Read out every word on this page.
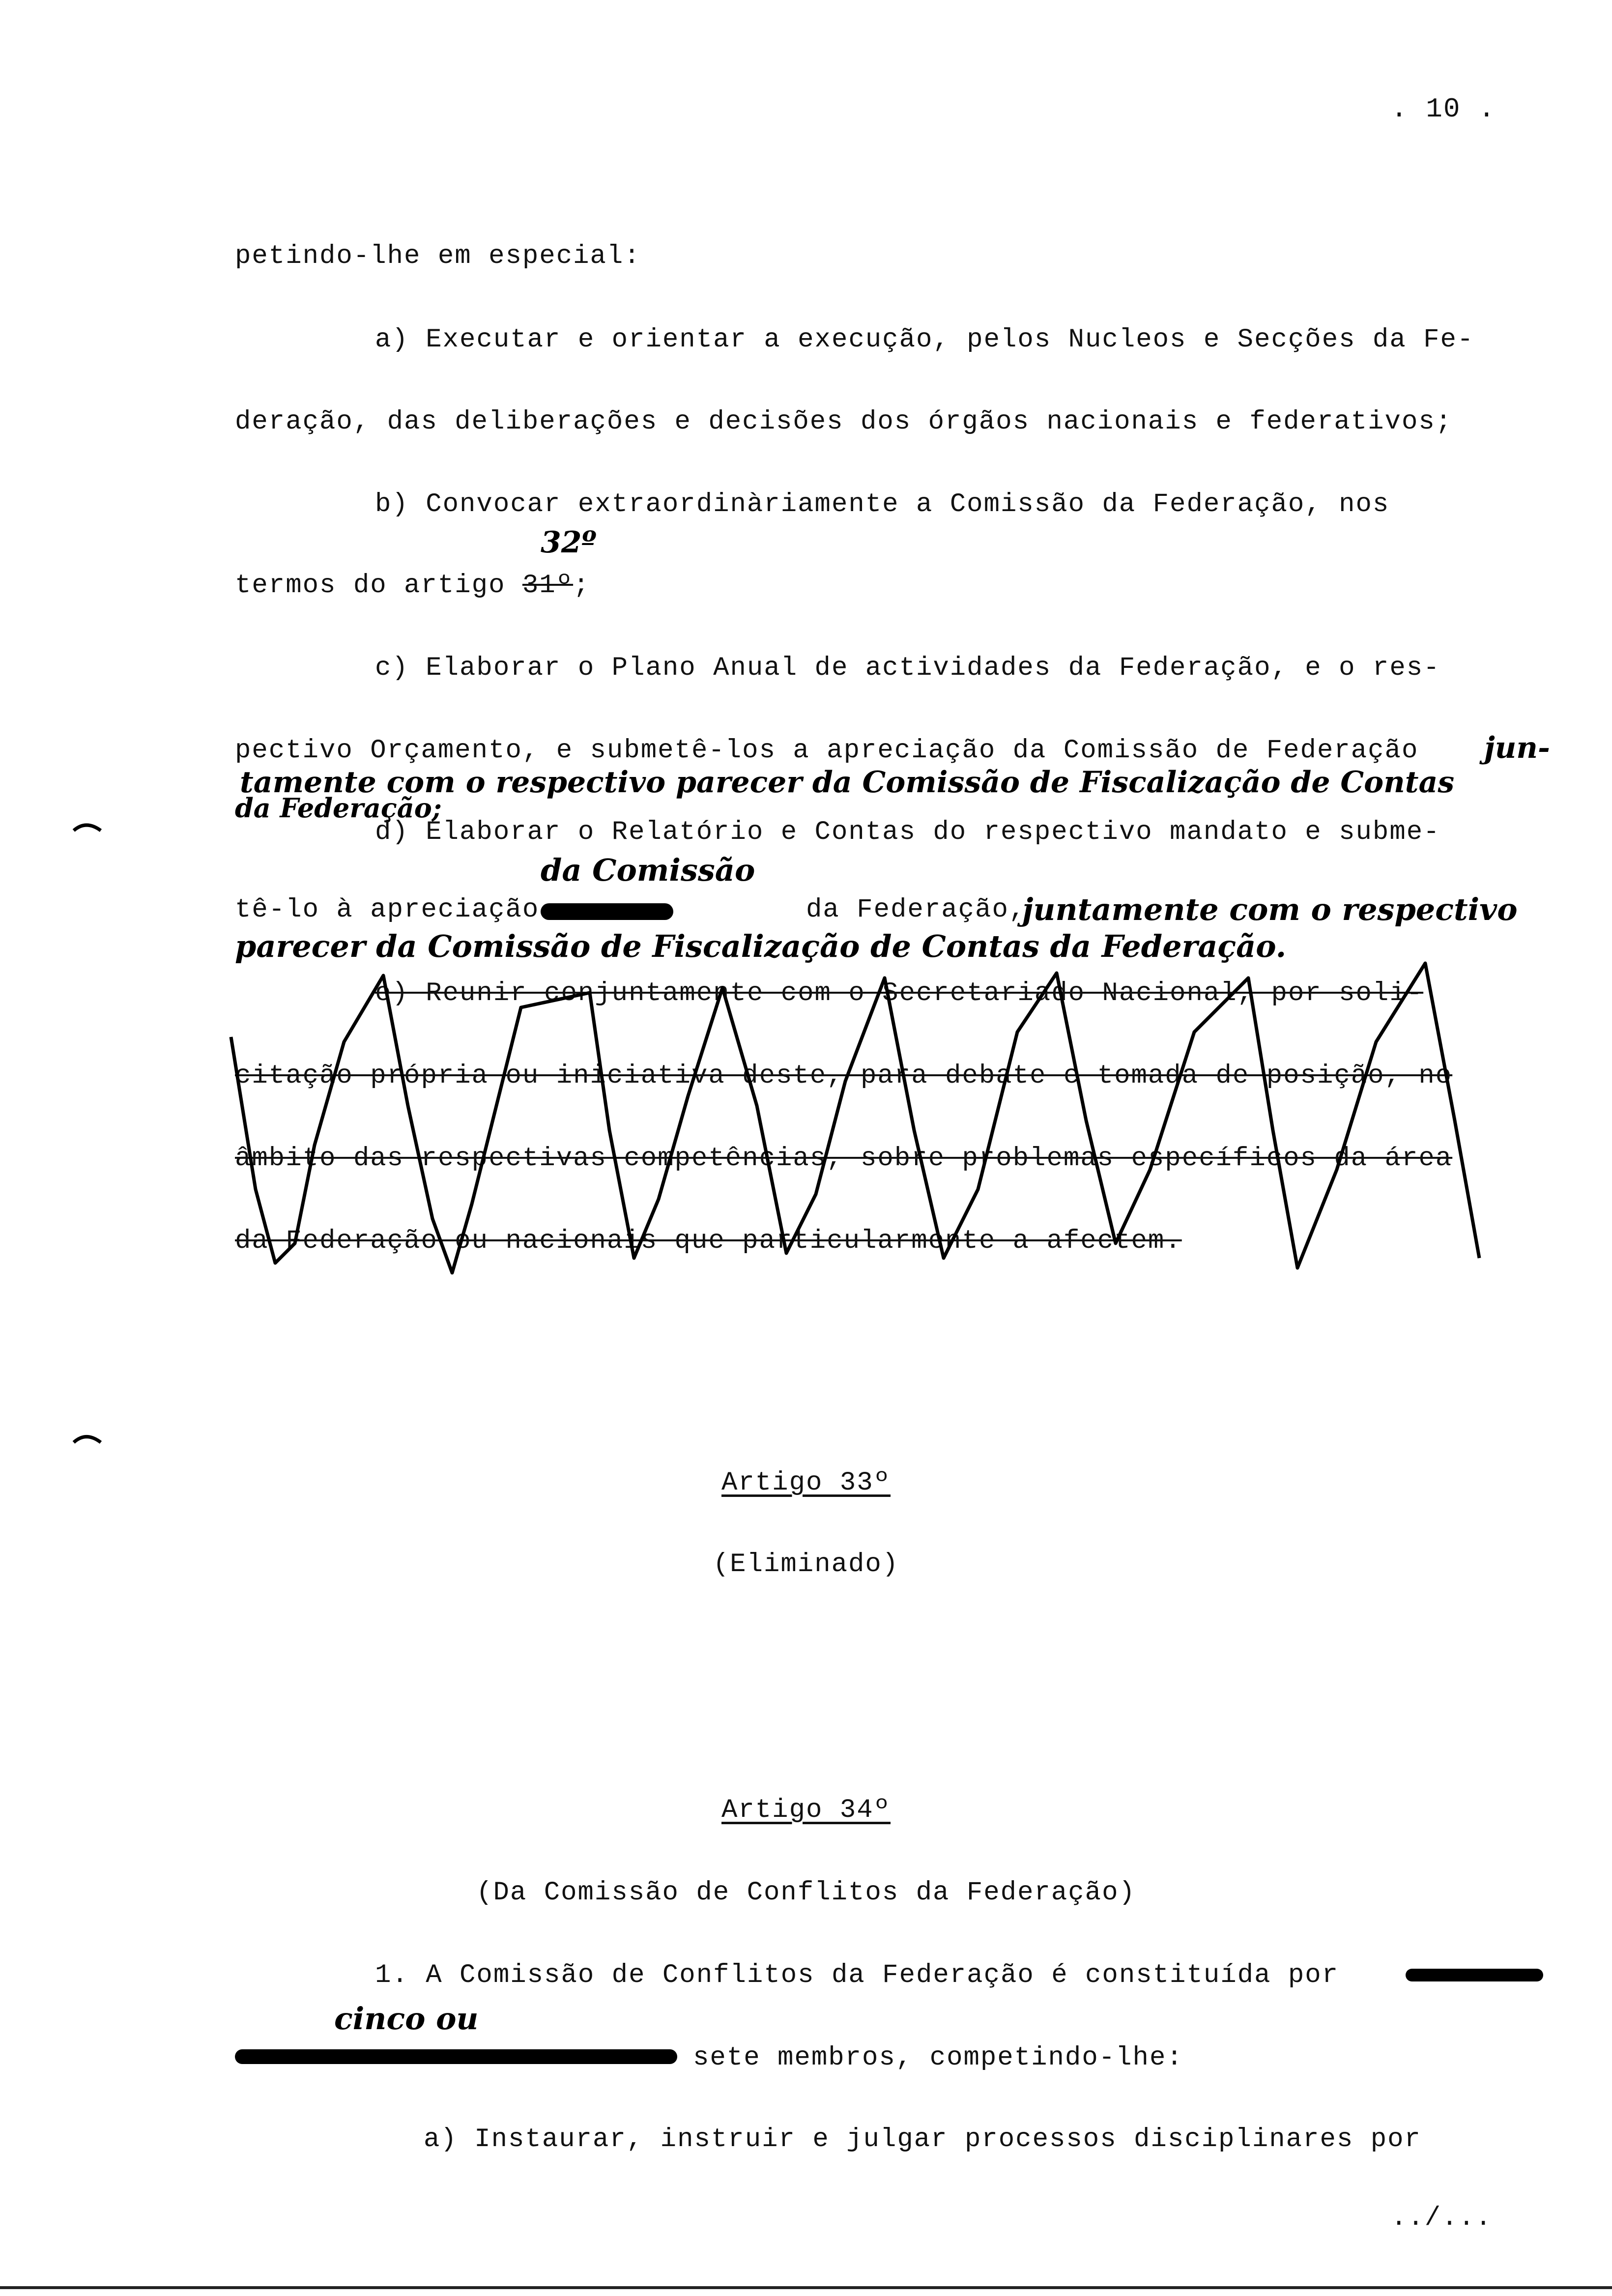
. 10 .
petindo-lhe em especial:
a) Executar e orientar a execução, pelos Nucleos e Secções da Fe-
deração, das deliberações e decisões dos órgãos nacionais e federativos;
b) Convocar extraordinàriamente a Comissão da Federação, nos
32º
termos do artigo 31º;
c) Elaborar o Plano Anual de actividades da Federação, e o res-
pectivo Orçamento, e submetê-los a apreciação da Comissão de Federação jun-
tamente com o respectivo parecer da Comissão de Fiscalização de Contas
da Federação;
d) Elaborar o Relatório e Contas do respectivo mandato e subme-
da Comissão
tê-lo à apreciação	da Federação,
juntamente com o respectivo
parecer da Comissão de Fiscalização de Contas da Federação.
e) Reunir conjuntamente com o Secretariado Nacional, por soli-
citação própria ou iniciativa deste, para debate e tomada de posição, no
âmbito das respectivas competências, sobre problemas específicos da área
da Federação ou nacionais que particularmente a afectem.
Artigo 33º
(Eliminado)
Artigo 34º
(Da Comissão de Conflitos da Federação)
1. A Comissão de Conflitos da Federação é constituída por
cinco ou
sete membros, competindo-lhe:
a) Instaurar, instruir e julgar processos disciplinares por
../...
